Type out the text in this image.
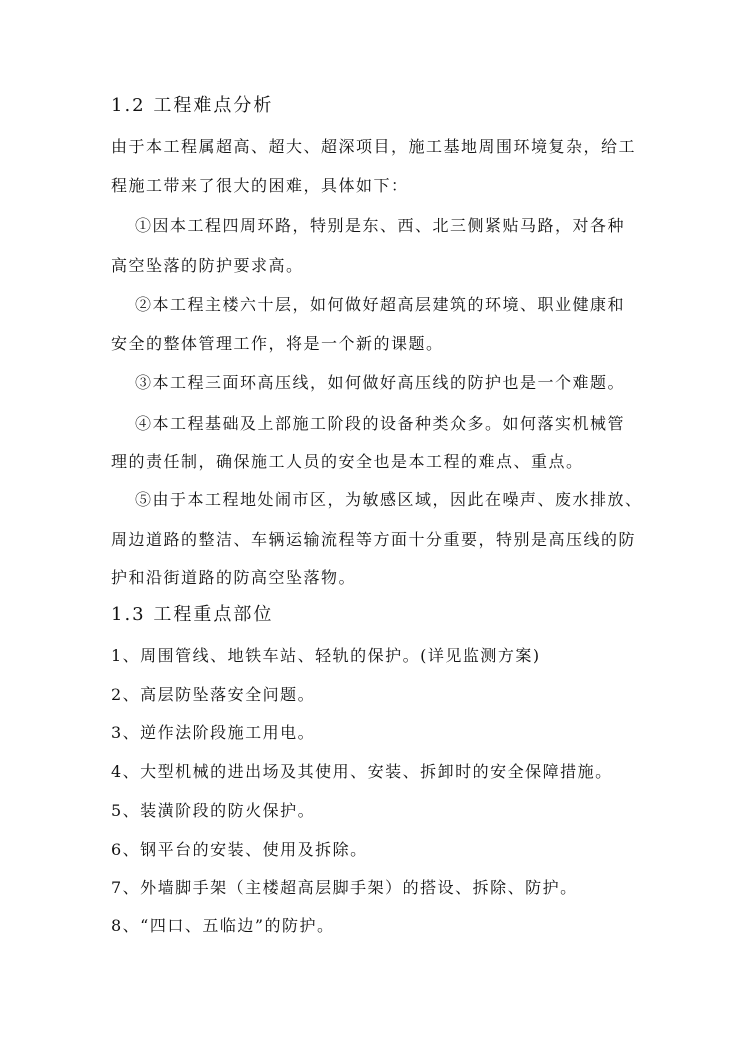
1.2 工程难点分析
由于本工程属超高、超大、超深项目，施工基地周围环境复杂，给工
程施工带来了很大的困难，具体如下：
①因本工程四周环路，特别是东、西、北三侧紧贴马路，对各种
高空坠落的防护要求高。
②本工程主楼六十层，如何做好超高层建筑的环境、职业健康和
安全的整体管理工作，将是一个新的课题。
③本工程三面环高压线，如何做好高压线的防护也是一个难题。
④本工程基础及上部施工阶段的设备种类众多。如何落实机械管
理的责任制，确保施工人员的安全也是本工程的难点、重点。
⑤由于本工程地处闹市区，为敏感区域，因此在噪声、废水排放、
周边道路的整洁、车辆运输流程等方面十分重要，特别是高压线的防
护和沿街道路的防高空坠落物。
1.3 工程重点部位
1、周围管线、地铁车站、轻轨的保护。(详见监测方案)
2、高层防坠落安全问题。
3、逆作法阶段施工用电。
4、大型机械的进出场及其使用、安装、拆卸时的安全保障措施。
5、装潢阶段的防火保护。
6、钢平台的安装、使用及拆除。
7、外墙脚手架（主楼超高层脚手架）的搭设、拆除、防护。
8、“四口、五临边”的防护。
